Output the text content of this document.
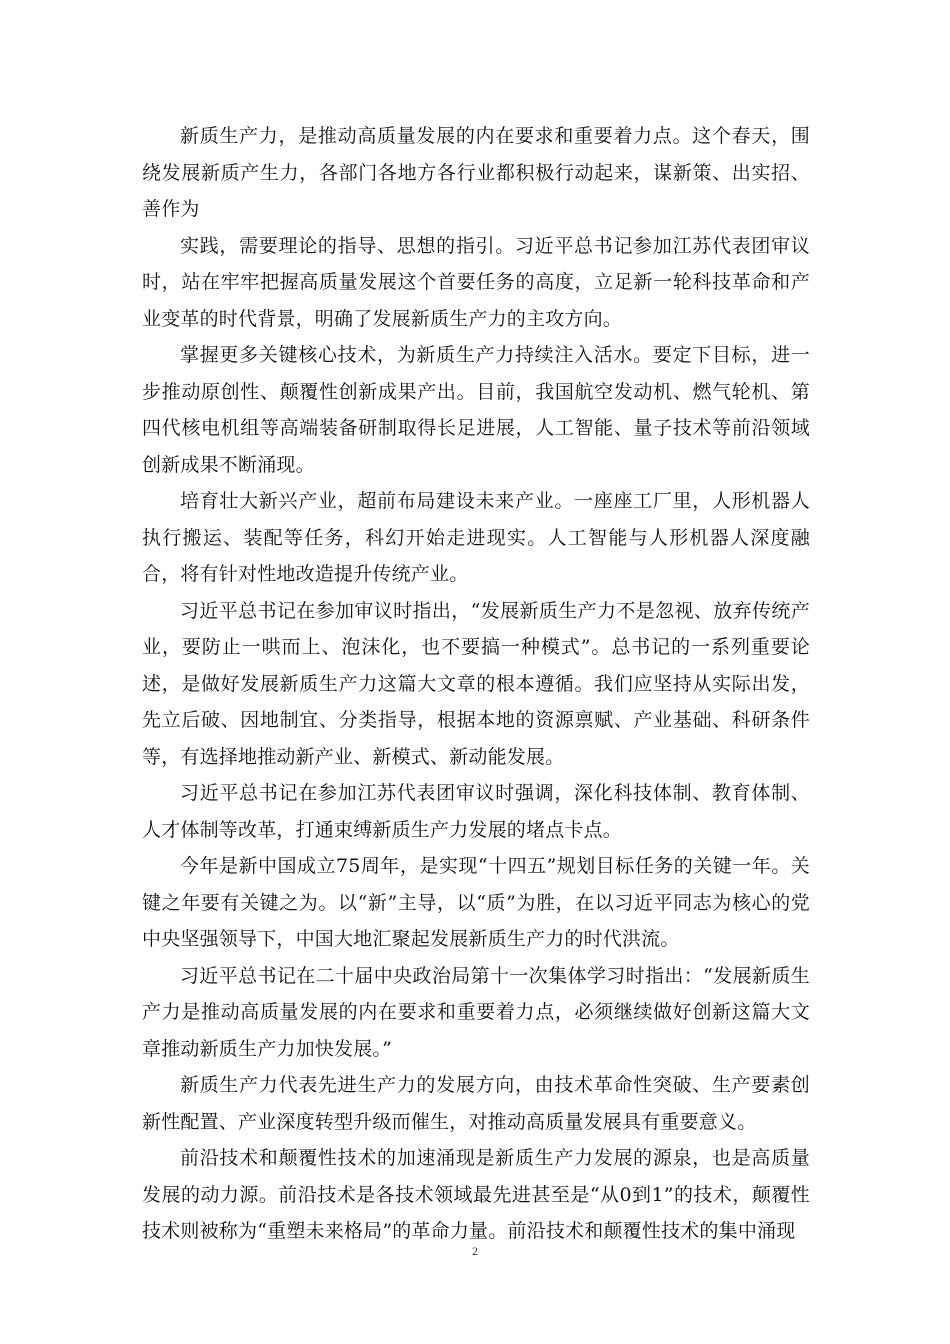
新质生产力，是推动高质量发展的内在要求和重要着力点。这个春天，围绕发展新质产生力，各部门各地方各行业都积极行动起来，谋新策、出实招、善作为

实践，需要理论的指导、思想的指引。习近平总书记参加江苏代表团审议时，站在牢牢把握高质量发展这个首要任务的高度，立足新一轮科技革命和产业变革的时代背景，明确了发展新质生产力的主攻方向。

掌握更多关键核心技术，为新质生产力持续注入活水。要定下目标，进一步推动原创性、颠覆性创新成果产出。目前，我国航空发动机、燃气轮机、第四代核电机组等高端装备研制取得长足进展，人工智能、量子技术等前沿领域创新成果不断涌现。

培育壮大新兴产业，超前布局建设未来产业。一座座工厂里，人形机器人执行搬运、装配等任务，科幻开始走进现实。人工智能与人形机器人深度融合，将有针对性地改造提升传统产业。

习近平总书记在参加审议时指出，“发展新质生产力不是忽视、放弃传统产业，要防止一哄而上、泡沫化，也不要搞一种模式”。总书记的一系列重要论述，是做好发展新质生产力这篇大文章的根本遵循。我们应坚持从实际出发，先立后破、因地制宜、分类指导，根据本地的资源禀赋、产业基础、科研条件等，有选择地推动新产业、新模式、新动能发展。

习近平总书记在参加江苏代表团审议时强调，深化科技体制、教育体制、人才体制等改革，打通束缚新质生产力发展的堵点卡点。

今年是新中国成立75周年，是实现“十四五”规划目标任务的关键一年。关键之年要有关键之为。以“新”主导，以“质”为胜，在以习近平同志为核心的党中央坚强领导下，中国大地汇聚起发展新质生产力的时代洪流。

习近平总书记在二十届中央政治局第十一次集体学习时指出：“发展新质生产力是推动高质量发展的内在要求和重要着力点，必须继续做好创新这篇大文章推动新质生产力加快发展。”

新质生产力代表先进生产力的发展方向，由技术革命性突破、生产要素创新性配置、产业深度转型升级而催生，对推动高质量发展具有重要意义。

前沿技术和颠覆性技术的加速涌现是新质生产力发展的源泉，也是高质量发展的动力源。前沿技术是各技术领域最先进甚至是“从0到1”的技术，颠覆性技术则被称为“重塑未来格局”的革命力量。前沿技术和颠覆性技术的集中涌现

2
